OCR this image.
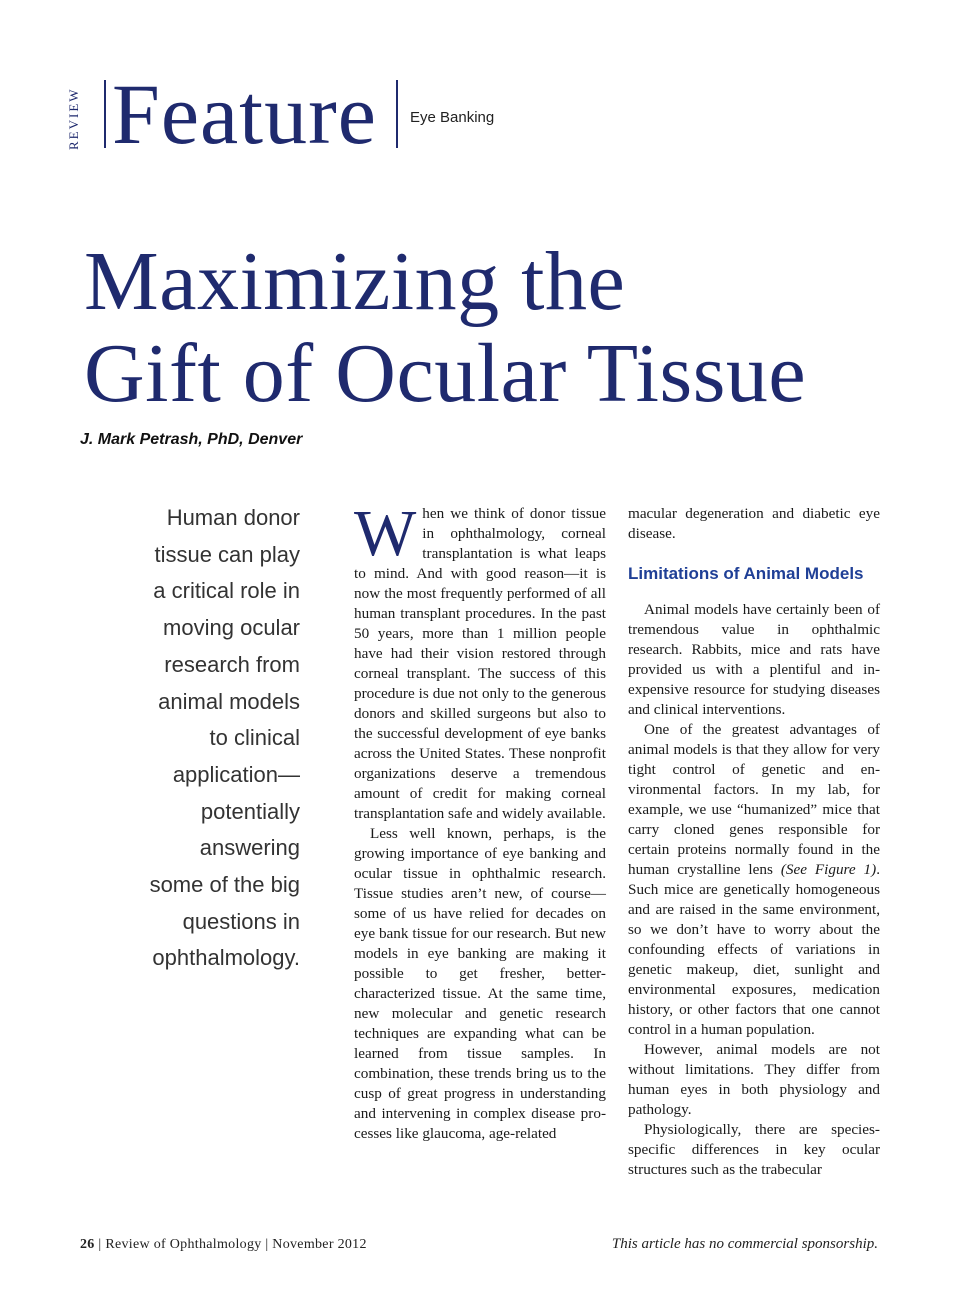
REVIEW Feature Eye Banking
Maximizing the
Gift of Ocular Tissue
J. Mark Petrash, PhD, Denver
Human donor
tissue can play
a critical role in
moving ocular
research from
animal models
to clinical
application—
potentially
answering
some of the big
questions in
ophthalmology.

When we think of donor tissue in ophthalmology, corneal transplantation is what leaps to mind. And with good reason—it is now the most frequently performed of all human transplant procedures. In the past 50 years, more than 1 million people have had their vision restored through corneal transplant. The success of this procedure is due not only to the generous donors and skilled surgeons but also to the successful development of eye banks across the United States. These nonprofit organizations deserve a tremendous amount of credit for making corneal transplantation safe and widely available.

Less well known, perhaps, is the growing importance of eye banking and ocular tissue in ophthalmic research. Tissue studies aren’t new, of course—some of us have relied for decades on eye bank tissue for our research. But new models in eye banking are making it possible to get fresher, better-characterized tissue. At the same time, new molecular and genetic research techniques are expanding what can be learned from tissue samples. In combination, these trends bring us to the cusp of great progress in understanding and intervening in complex disease processes like glaucoma, age-related

macular degeneration and diabetic eye disease.

Limitations of Animal Models

Animal models have certainly been of tremendous value in ophthalmic research. Rabbits, mice and rats have provided us with a plentiful and inexpensive resource for studying diseases and clinical interventions.

One of the greatest advantages of animal models is that they allow for very tight control of genetic and environmental factors. In my lab, for example, we use “humanized” mice that carry cloned genes responsible for certain proteins normally found in the human crystalline lens (See Figure 1). Such mice are genetically homogeneous and are raised in the same environment, so we don’t have to worry about the confounding effects of variations in genetic makeup, diet, sunlight and environmental exposures, medication history, or other factors that one cannot control in a human population.

However, animal models are not without limitations. They differ from human eyes in both physiology and pathology.

Physiologically, there are species-specific differences in key ocular structures such as the trabecular

26 | Review of Ophthalmology | November 2012	This article has no commercial sponsorship.
